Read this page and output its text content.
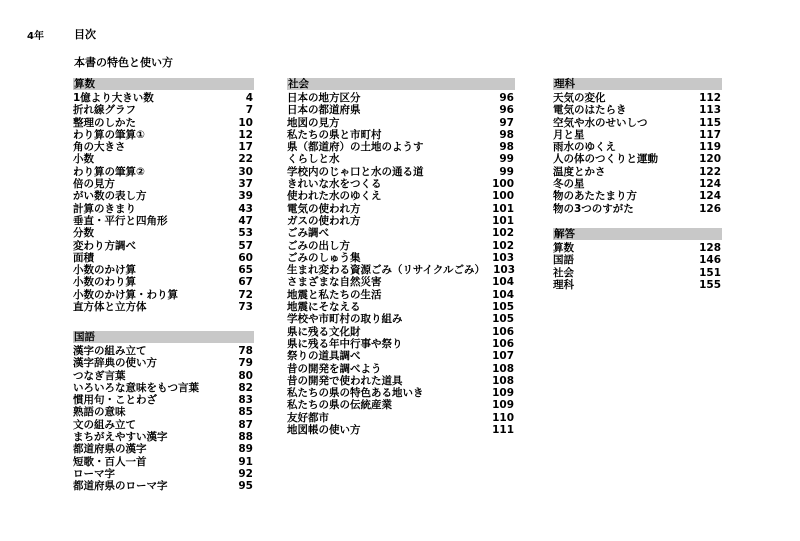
4年	目次
本書の特色と使い方
算数
1億より大きい数	4
折れ線グラフ	7
整理のしかた	10
わり算の筆算①	12
角の大きさ	17
小数	22
わり算の筆算②	30
倍の見方	37
がい数の表し方	39
計算のきまり	43
垂直・平行と四角形	47
分数	53
変わり方調べ	57
面積	60
小数のかけ算	65
小数のわり算	67
小数のかけ算・わり算	72
直方体と立方体	73
国語
漢字の組み立て	78
漢字辞典の使い方	79
つなぎ言葉	80
いろいろな意味をもつ言葉	82
慣用句・ことわざ	83
熟語の意味	85
文の組み立て	87
まちがえやすい漢字	88
都道府県の漢字	89
短歌・百人一首	91
ローマ字	92
都道府県のローマ字	95
社会
日本の地方区分	96
日本の都道府県	96
地図の見方	97
私たちの県と市町村	98
県（都道府）の土地のようす	98
くらしと水	99
学校内のじゃ口と水の通る道	99
きれいな水をつくる	100
使われた水のゆくえ	100
電気の使われ方	101
ガスの使われ方	101
ごみ調べ	102
ごみの出し方	102
ごみのしゅう集	103
生まれ変わる資源ごみ（リサイクルごみ） 103
さまざまな自然災害	104
地震と私たちの生活	104
地震にそなえる	105
学校や市町村の取り組み	105
県に残る文化財	106
県に残る年中行事や祭り	106
祭りの道具調べ	107
昔の開発を調べよう	108
昔の開発で使われた道具	108
私たちの県の特色ある地いき	109
私たちの県の伝統産業	109
友好都市	110
地図帳の使い方	111
理科
天気の変化	112
電気のはたらき	113
空気や水のせいしつ	115
月と星	117
雨水のゆくえ	119
人の体のつくりと運動	120
温度とかさ	122
冬の星	124
物のあたたまり方	124
物の3つのすがた	126
解答
算数	128
国語	146
社会	151
理科	155
